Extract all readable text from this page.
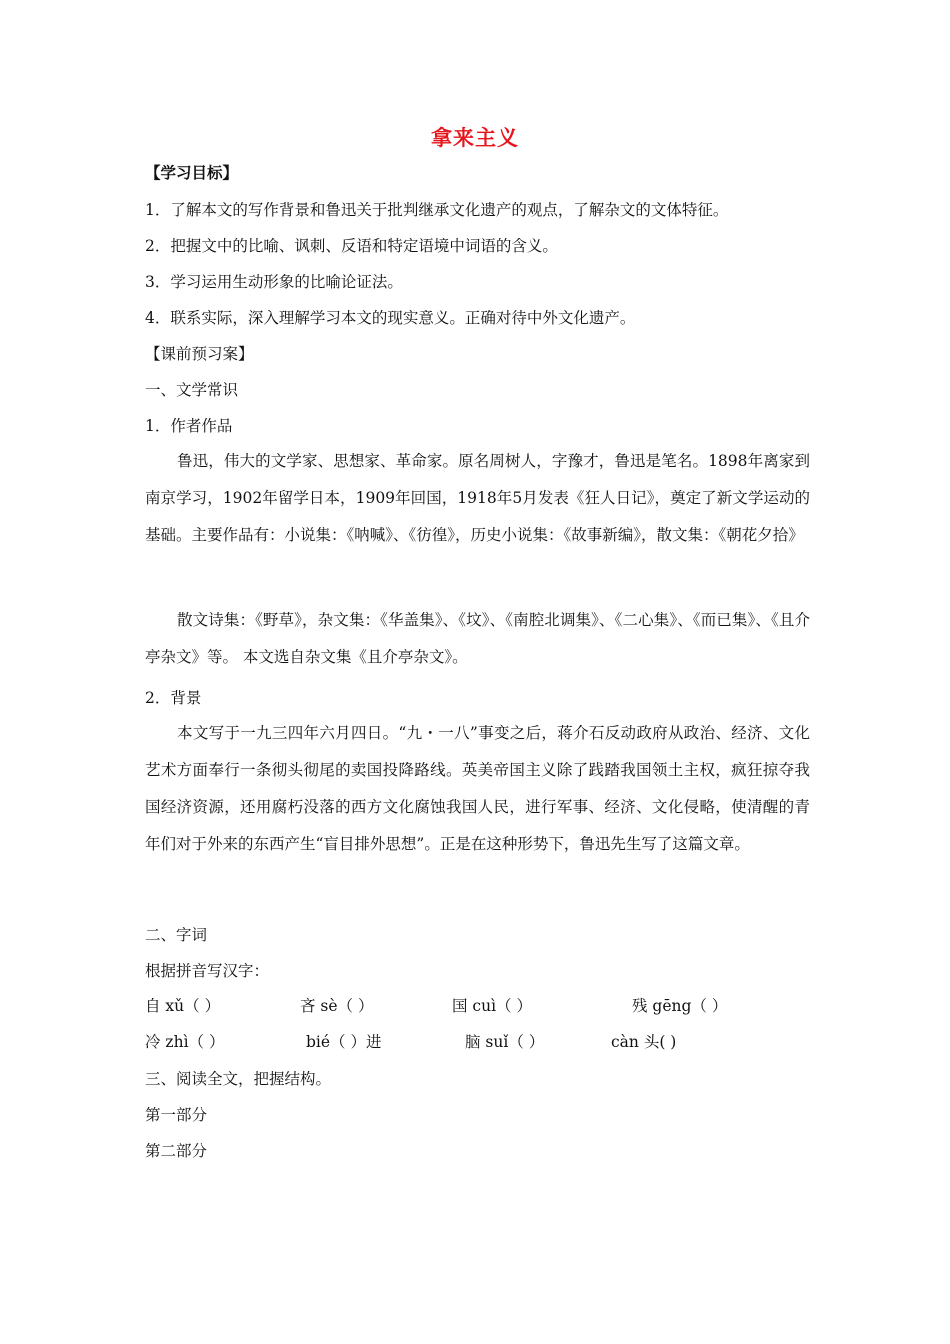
拿来主义
【学习目标】
1．了解本文的写作背景和鲁迅关于批判继承文化遗产的观点，了解杂文的文体特征。
2．把握文中的比喻、讽刺、反语和特定语境中词语的含义。
3．学习运用生动形象的比喻论证法。
4．联系实际，深入理解学习本文的现实意义。正确对待中外文化遗产。
【课前预习案】
一、文学常识
1．作者作品
鲁迅，伟大的文学家、思想家、革命家。原名周树人，字豫才，鲁迅是笔名。1898年离家到南京学习，1902年留学日本，1909年回国，1918年5月发表《狂人日记》，奠定了新文学运动的基础。主要作品有：小说集：《呐喊》、《彷徨》，历史小说集：《故事新编》，散文集：《朝花夕拾》
散文诗集：《野草》，杂文集：《华盖集》、《坟》、《南腔北调集》、《二心集》、《而已集》、《且介亭杂文》等。 本文选自杂文集《且介亭杂文》。
2．背景
本文写于一九三四年六月四日。“九・一八”事变之后，蒋介石反动政府从政治、经济、文化艺术方面奉行一条彻头彻尾的卖国投降路线。英美帝国主义除了践踏我国领土主权，疯狂掠夺我国经济资源，还用腐朽没落的西方文化腐蚀我国人民，进行军事、经济、文化侵略，使清醒的青年们对于外来的东西产生“盲目排外思想”。正是在这种形势下，鲁迅先生写了这篇文章。
二、字词
根据拼音写汉字：
自 xǔ（ ）	吝 sè（ ）	国 cuì（ ）	残 gēng（ ）
冷 zhì（ ）	bié（ ）进	脑 suǐ（ ）	càn 头( )
三、阅读全文，把握结构。
第一部分
第二部分
